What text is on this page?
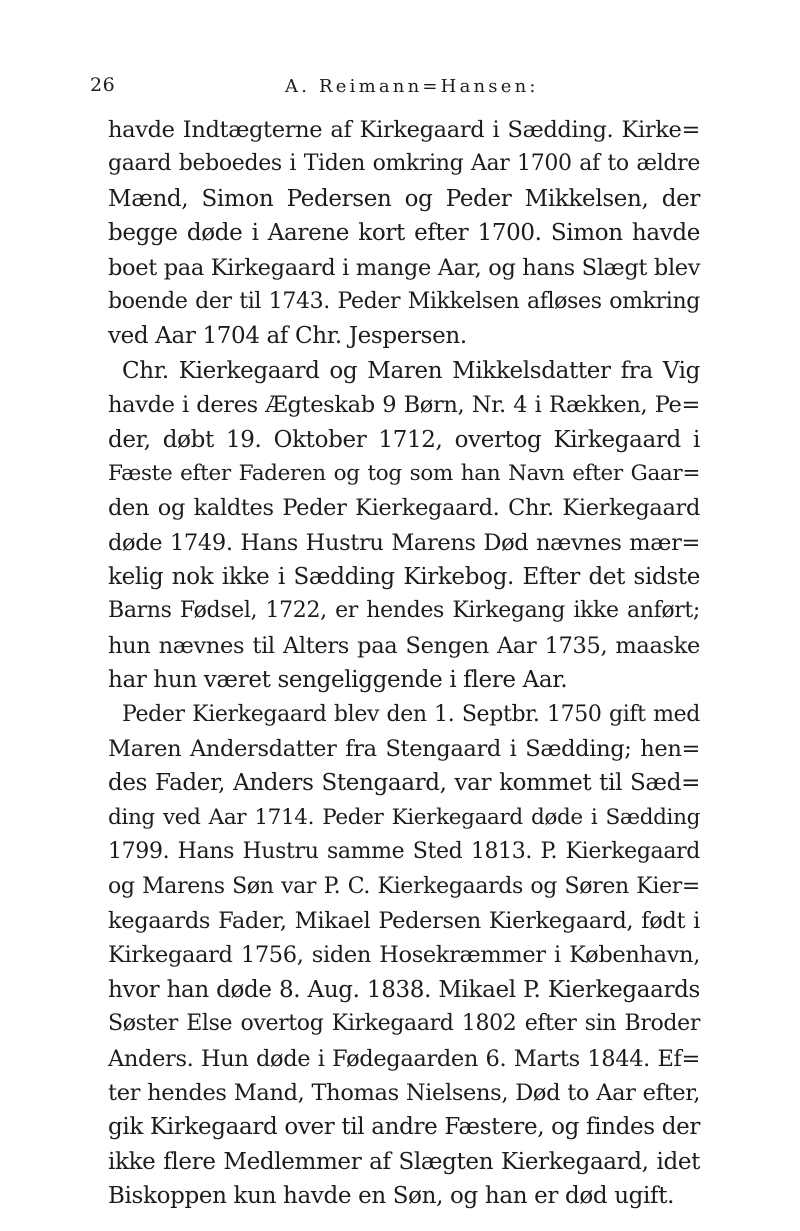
26	A. Reimann=Hansen:
havde Indtægterne af Kirkegaard i Sædding. Kirke=
gaard beboedes i Tiden omkring Aar 1700 af to ældre
Mænd, Simon Pedersen og Peder Mikkelsen, der
begge døde i Aarene kort efter 1700. Simon havde
boet paa Kirkegaard i mange Aar, og hans Slægt blev
boende der til 1743. Peder Mikkelsen afløses omkring
ved Aar 1704 af Chr. Jespersen.
Chr. Kierkegaard og Maren Mikkelsdatter fra Vig
havde i deres Ægteskab 9 Børn, Nr. 4 i Rækken, Pe=
der, døbt 19. Oktober 1712, overtog Kirkegaard i
Fæste efter Faderen og tog som han Navn efter Gaar=
den og kaldtes Peder Kierkegaard. Chr. Kierkegaard
døde 1749. Hans Hustru Marens Død nævnes mær=
kelig nok ikke i Sædding Kirkebog. Efter det sidste
Barns Fødsel, 1722, er hendes Kirkegang ikke anført;
hun nævnes til Alters paa Sengen Aar 1735, maaske
har hun været sengeliggende i flere Aar.
Peder Kierkegaard blev den 1. Septbr. 1750 gift med
Maren Andersdatter fra Stengaard i Sædding; hen=
des Fader, Anders Stengaard, var kommet til Sæd=
ding ved Aar 1714. Peder Kierkegaard døde i Sædding
1799. Hans Hustru samme Sted 1813. P. Kierkegaard
og Marens Søn var P. C. Kierkegaards og Søren Kier=
kegaards Fader, Mikael Pedersen Kierkegaard, født i
Kirkegaard 1756, siden Hosekræmmer i København,
hvor han døde 8. Aug. 1838. Mikael P. Kierkegaards
Søster Else overtog Kirkegaard 1802 efter sin Broder
Anders. Hun døde i Fødegaarden 6. Marts 1844. Ef=
ter hendes Mand, Thomas Nielsens, Død to Aar efter,
gik Kirkegaard over til andre Fæstere, og findes der
ikke flere Medlemmer af Slægten Kierkegaard, idet
Biskoppen kun havde en Søn, og han er død ugift.
